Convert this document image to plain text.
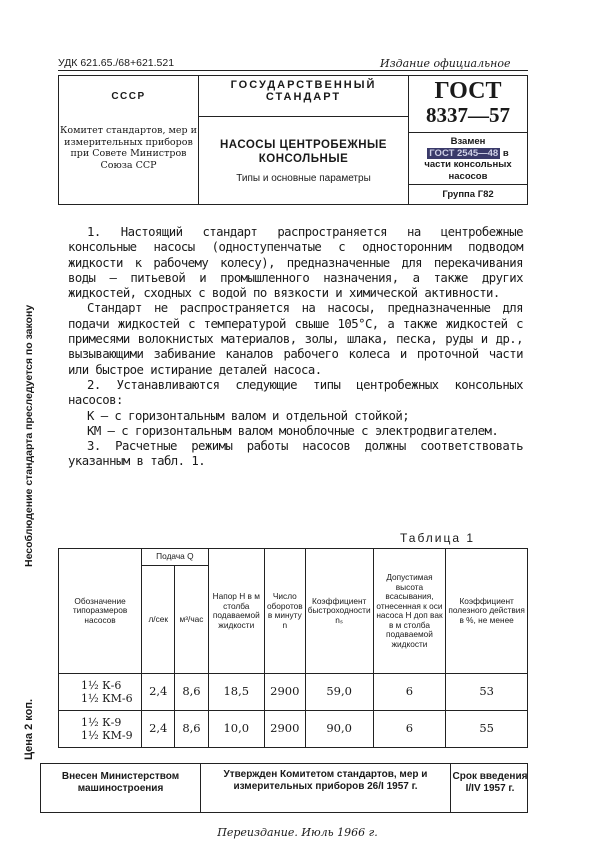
УДК 621.65./68+621.521	Издание официальное
СССР
Комитет стандартов, мер и измерительных приборов при Совете Министров Союза ССР
ГОСУДАРСТВЕННЫЙ
СТАНДАРТ
НАСОСЫ ЦЕНТРОБЕЖНЫЕ
КОНСОЛЬНЫЕ
Типы и основные параметры
ГОСТ
8337—57
Взамен
ГОСТ 2545—48 в
части консольных
насосов
Группа Г82
Несоблюдение стандарта преследуется по закону
Цена 2 коп.

1. Настоящий стандарт распространяется на центробежные консольные насосы (одноступенчатые с односторонним подводом жидкости к рабочему колесу), предназначенные для перекачивания воды — питьевой и промышленного назначения, а также других жидкостей, сходных с водой по вязкости и химической активности.

Стандарт не распространяется на насосы, предназначенные для подачи жидкостей с температурой свыше 105°С, а также жидкостей с примесями волокнистых материалов, золы, шлака, песка, руды и др., вызывающими забивание каналов рабочего колеса и проточной части или быстрое истирание деталей насоса.

2. Устанавливаются следующие типы центробежных консольных насосов:

К — с горизонтальным валом и отдельной стойкой;

КМ — с горизонтальным валом моноблочные с электродвигателем.

3. Расчетные режимы работы насосов должны соответствовать указанным в табл. 1.

Таблица 1
Обозначение типоразмеров насосов	Подача Q		Напор H в м столба подаваемой жидкости	Число оборотов в минуту n	Коэффициент быстроходности nₛ	Допустимая высота всасывания, отнесенная к оси насоса H доп вак в м столба подаваемой жидкости	Коэффициент полезного действия в %, не менее
	л/сек	м³/час					

1½ К-6
1½ КМ-6	2,4	8,6	18,5	2900	59,0	6	53

1½ К-9
1½ КМ-9	2,4	8,6	10,0	2900	90,0	6	55
Внесен Министерством машиностроения
Утвержден Комитетом стандартов, мер и измерительных приборов 26/I 1957 г.
Срок введения I/IV 1957 г.
Переиздание. Июль 1966 г.
